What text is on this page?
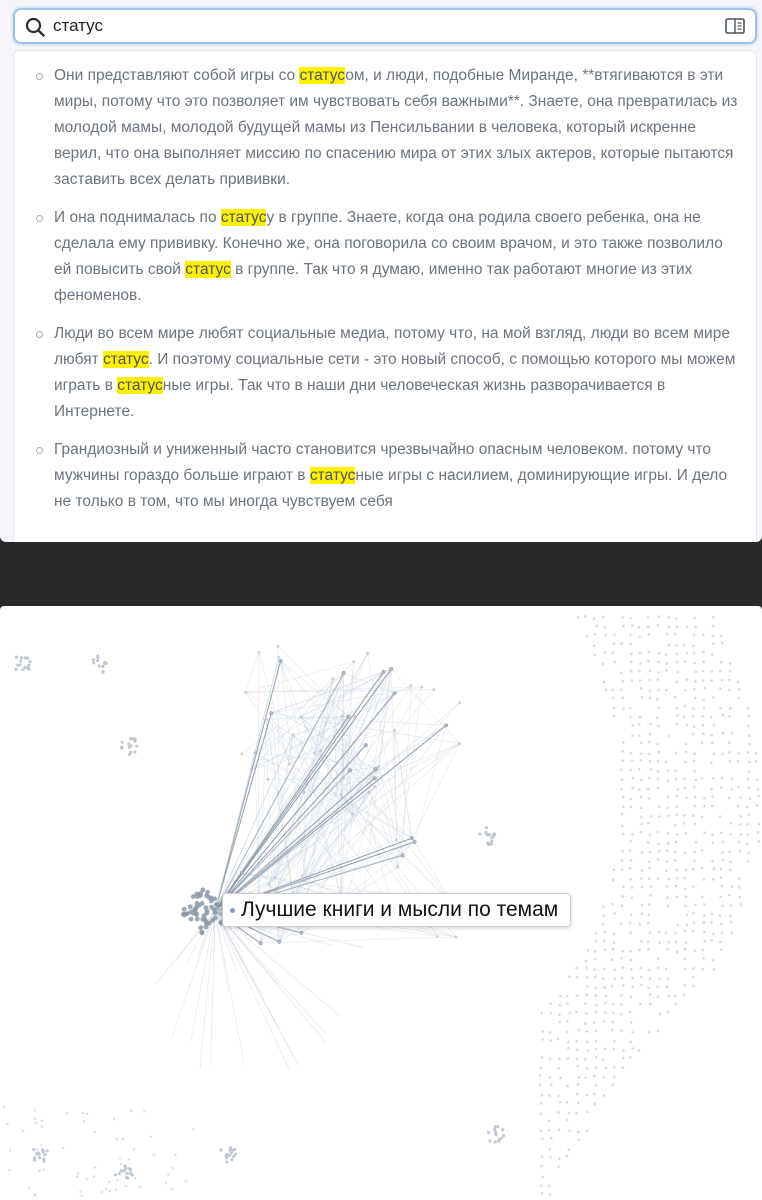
статус
Они представляют собой игры со статусом, и люди, подобные Миранде, **втягиваются в эти миры, потому что это позволяет им чувствовать себя важными**. Знаете, она превратилась из молодой мамы, молодой будущей мамы из Пенсильвании в человека, который искренне верил, что она выполняет миссию по спасению мира от этих злых актеров, которые пытаются заставить всех делать прививки.
И она поднималась по статусу в группе. Знаете, когда она родила своего ребенка, она не сделала ему прививку. Конечно же, она поговорила со своим врачом, и это также позволило ей повысить свой статус в группе. Так что я думаю, именно так работают многие из этих феноменов.
Люди во всем мире любят социальные медиа, потому что, на мой взгляд, люди во всем мире любят статус. И поэтому социальные сети - это новый способ, с помощью которого мы можем играть в статусные игры. Так что в наши дни человеческая жизнь разворачивается в Интернете.
Грандиозный и униженный часто становится чрезвычайно опасным человеком. потому что мужчины гораздо больше играют в статусные игры с насилием, доминирующие игры. И дело не только в том, что мы иногда чувствуем себя
Лучшие книги и мысли по темам
